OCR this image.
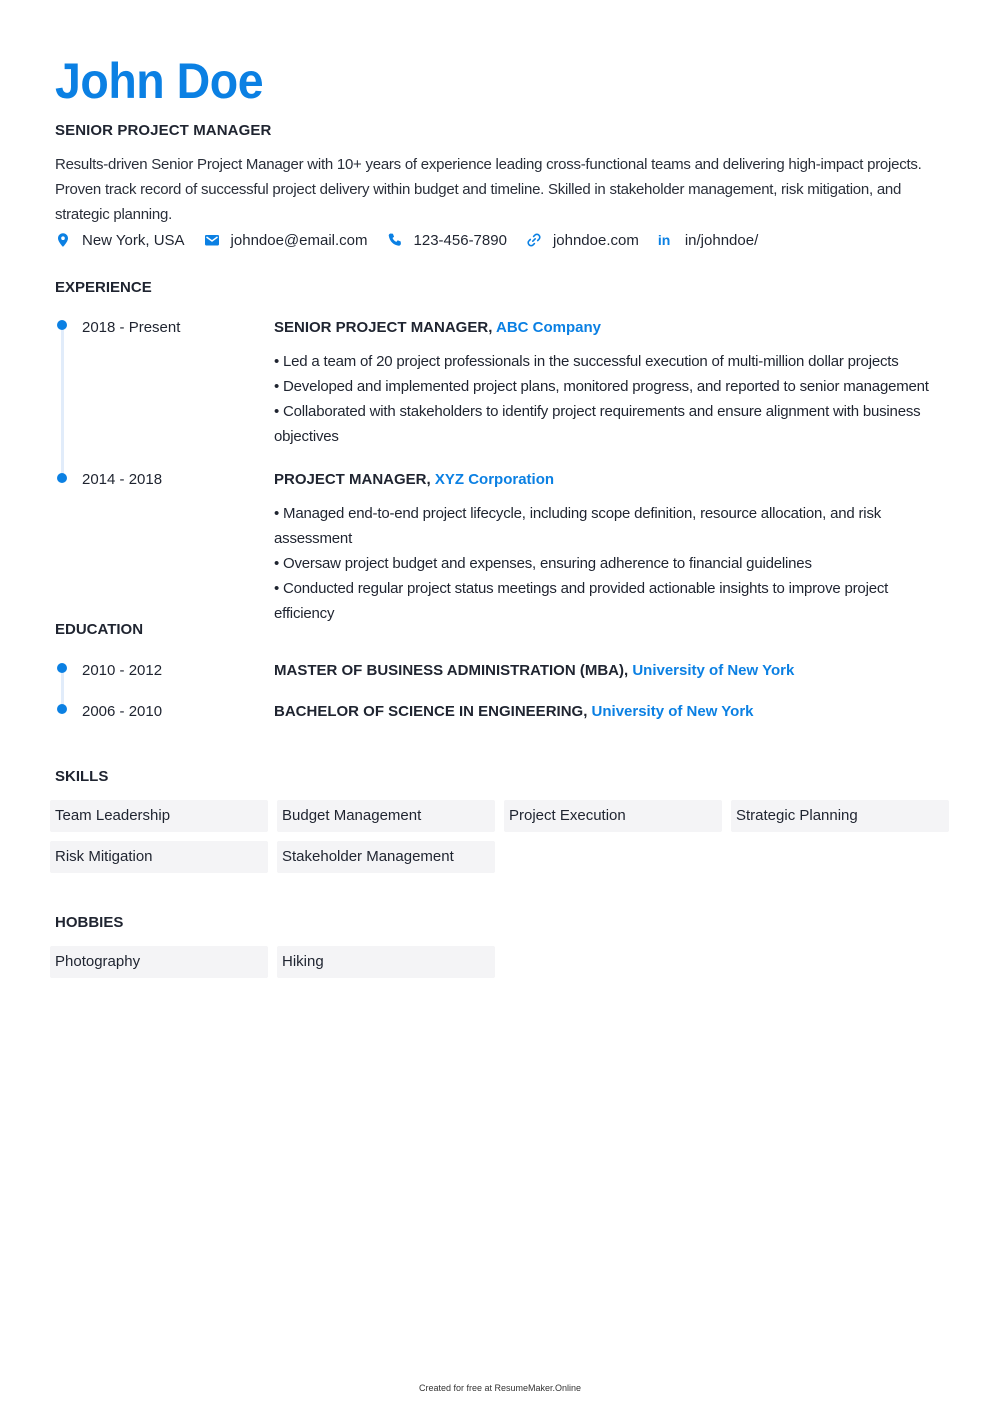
John Doe
SENIOR PROJECT MANAGER
Results-driven Senior Project Manager with 10+ years of experience leading cross-functional teams and delivering high-impact projects. Proven track record of successful project delivery within budget and timeline. Skilled in stakeholder management, risk mitigation, and strategic planning.
New York, USA	johndoe@email.com	123-456-7890	johndoe.com in in/johndoe/
EXPERIENCE
2018 - Present	SENIOR PROJECT MANAGER, ABC Company
• Led a team of 20 project professionals in the successful execution of multi-million dollar projects
• Developed and implemented project plans, monitored progress, and reported to senior management
• Collaborated with stakeholders to identify project requirements and ensure alignment with business objectives
2014 - 2018	PROJECT MANAGER, XYZ Corporation
• Managed end-to-end project lifecycle, including scope definition, resource allocation, and risk assessment
• Oversaw project budget and expenses, ensuring adherence to financial guidelines
• Conducted regular project status meetings and provided actionable insights to improve project efficiency
EDUCATION
2010 - 2012	MASTER OF BUSINESS ADMINISTRATION (MBA), University of New York
2006 - 2010	BACHELOR OF SCIENCE IN ENGINEERING, University of New York
SKILLS
Team Leadership	Budget Management	Project Execution	Strategic Planning
Risk Mitigation	Stakeholder Management
HOBBIES
Photography	Hiking
Created for free at ResumeMaker.Online
